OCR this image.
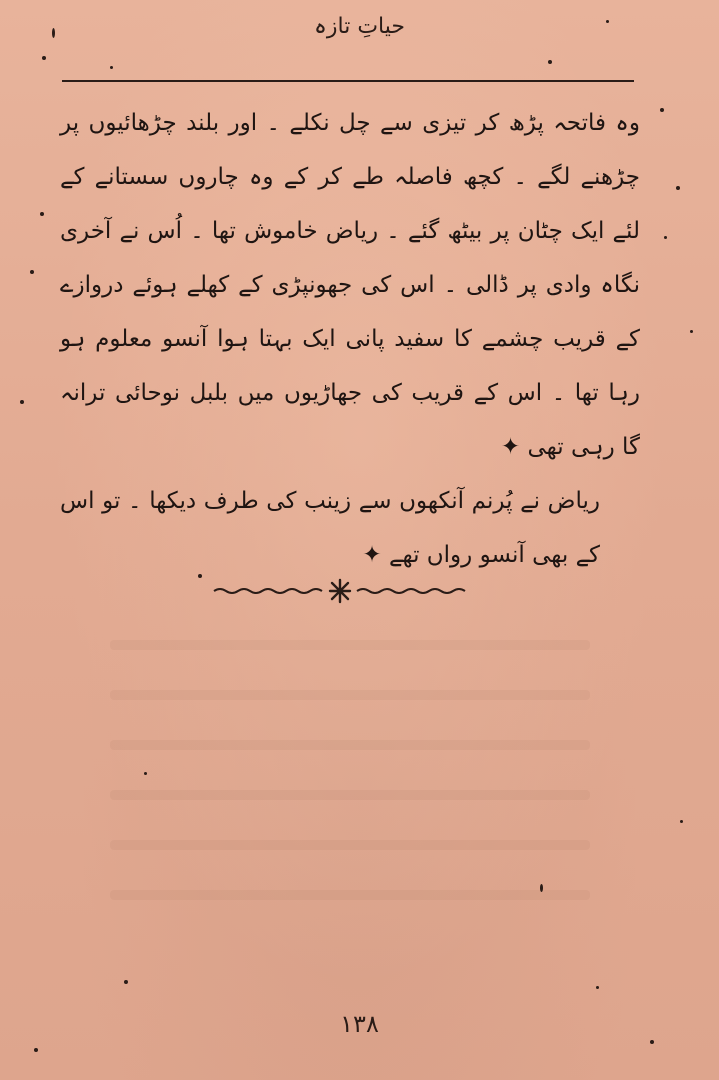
حیاتِ تازہ

وہ فاتحہ پڑھ کر تیزی سے چل نکلے ۔ اور بلند چڑھائیوں پر چڑھنے لگے ۔ کچھ فاصلہ طے کر کے وہ چاروں سستانے کے لئے ایک چٹان پر بیٹھ گئے ۔ ریاض خاموش تھا ۔ اُس نے آخری نگاہ وادی پر ڈالی ۔ اس کی جھونپڑی کے کھلے ہوئے دروازے کے قریب چشمے کا سفید پانی ایک بہتا ہوا آنسو معلوم ہو رہا تھا ۔ اس کے قریب کی جھاڑیوں میں بلبل نوحائی ترانہ گا رہی تھی ✦

ریاض نے پُرنم آنکھوں سے زینب کی طرف دیکھا ۔ تو اس کے بھی آنسو رواں تھے ✦

۱۳۸
